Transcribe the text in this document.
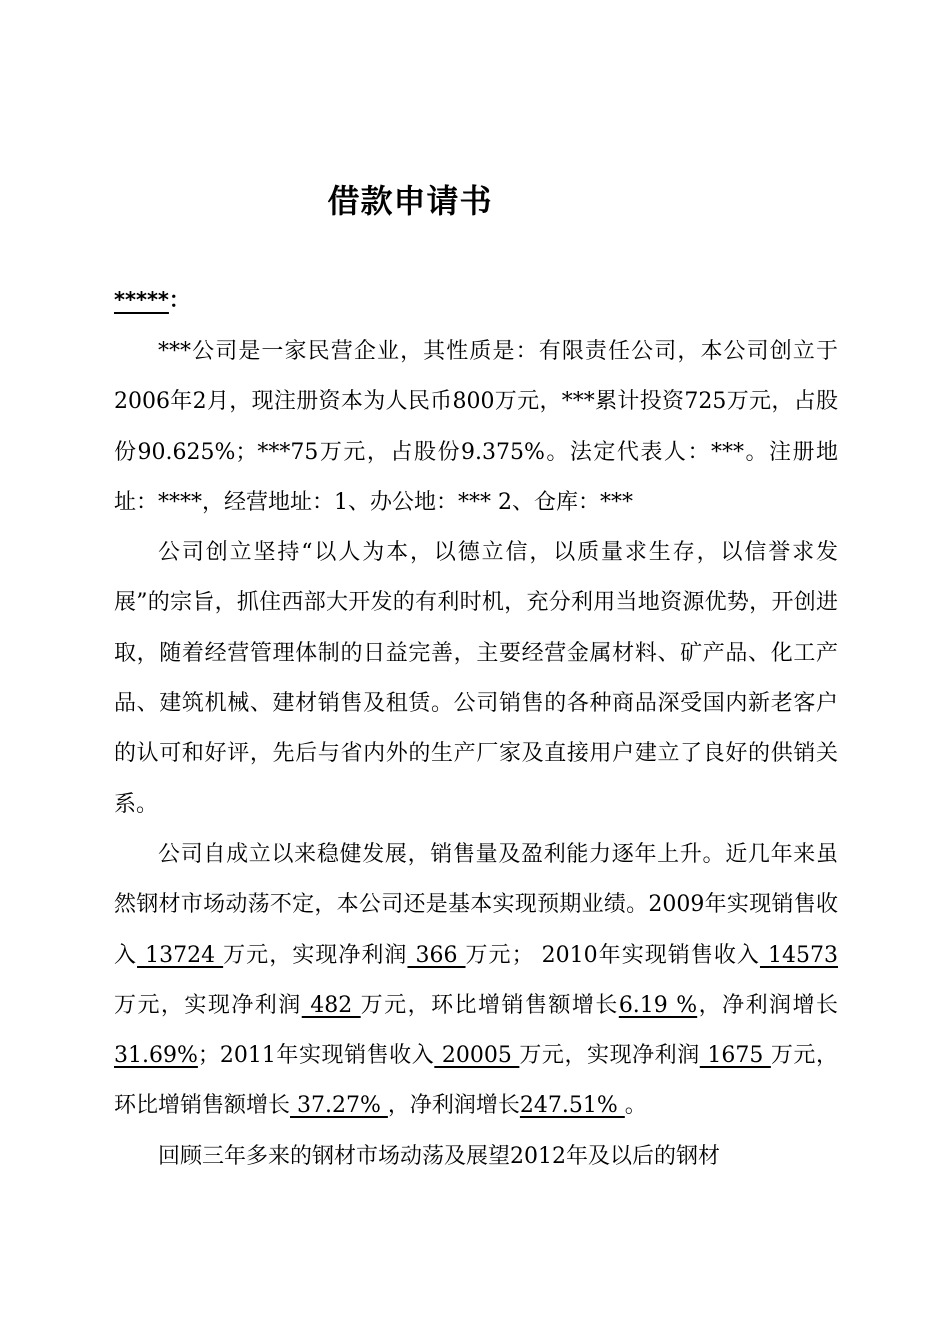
借款申请书
*****：

***公司是一家民营企业，其性质是：有限责任公司，本公司创立于2006年2月，现注册资本为人民币800万元，***累计投资725万元，占股份90.625%；***75万元，占股份9.375%。法定代表人：***。注册地址：****，经营地址：1、办公地：*** 2、仓库：***

公司创立坚持“以人为本，以德立信，以质量求生存，以信誉求发展”的宗旨，抓住西部大开发的有利时机，充分利用当地资源优势，开创进取，随着经营管理体制的日益完善，主要经营金属材料、矿产品、化工产品、建筑机械、建材销售及租赁。公司销售的各种商品深受国内新老客户的认可和好评，先后与省内外的生产厂家及直接用户建立了良好的供销关系。

公司自成立以来稳健发展，销售量及盈利能力逐年上升。近几年来虽然钢材市场动荡不定，本公司还是基本实现预期业绩。2009年实现销售收入 13724 万元，实现净利润 366 万元； 2010年实现销售收入 14573 万元，实现净利润 482 万元，环比增销售额增长6.19 %，净利润增长 31.69%；2011年实现销售收入 20005 万元，实现净利润 1675 万元，环比增销售额增长 37.27% ，净利润增长247.51% 。

回顾三年多来的钢材市场动荡及展望2012年及以后的钢材
